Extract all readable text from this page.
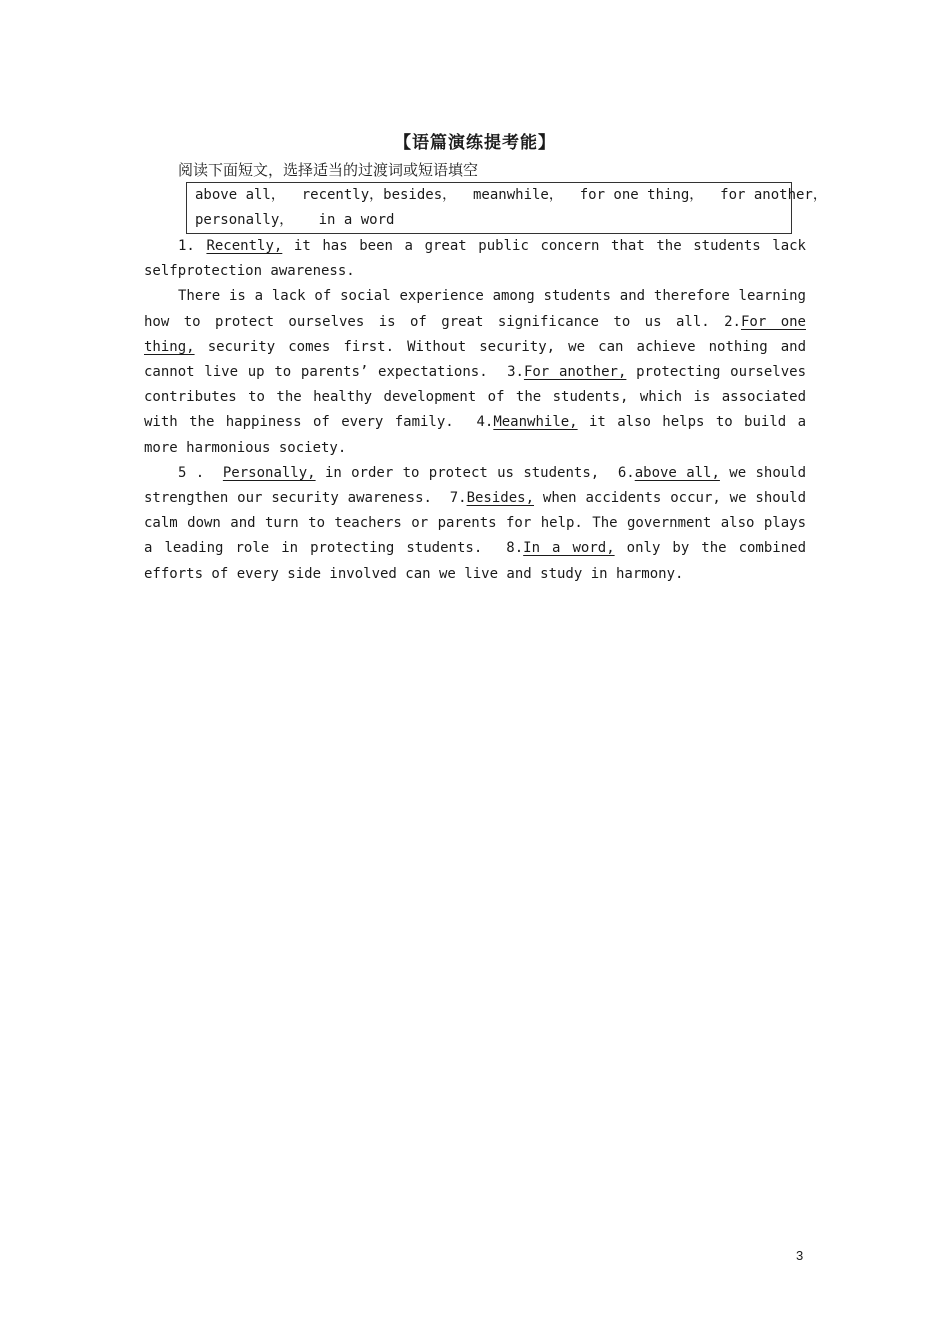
【语篇演练提考能】
阅读下面短文，选择适当的过渡词或短语填空
above all，  recently，besides，  meanwhile，  for one thing，  for another，
personally，   in a word

1. Recently, it has been a great public concern that the students lack selfprotection awareness.

There is a lack of social experience among students and therefore learning how to protect ourselves is of great significance to us all. 2.For one thing, security comes first. Without security, we can achieve nothing and cannot live up to parents’ expectations. 3.For another, protecting ourselves contributes to the healthy development of the students, which is associated with the happiness of every family. 4.Meanwhile, it also helps to build a more harmonious society.

5 . Personally, in order to protect us students, 6.above all, we should strengthen our security awareness. 7.Besides, when accidents occur, we should calm down and turn to teachers or parents for help. The government also plays a leading role in protecting students. 8.In a word, only by the combined efforts of every side involved can we live and study in harmony.

3
